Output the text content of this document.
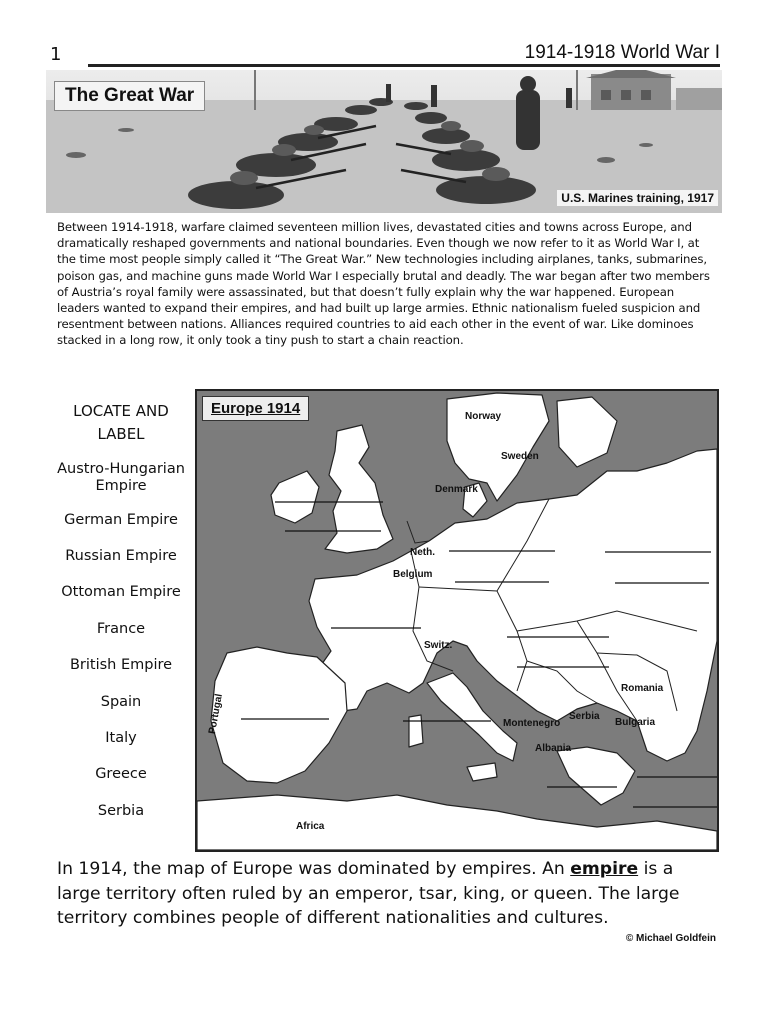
1	1914-1918 World War I
The Great War
U.S. Marines training, 1917
Between 1914-1918, warfare claimed seventeen million lives, devastated cities and towns across Europe, and dramatically reshaped governments and national boundaries. Even though we now refer to it as World War I, at the time most people simply called it “The Great War.” New technologies including airplanes, tanks, submarines, poison gas, and machine guns made World War I especially brutal and deadly. The war began after two members of Austria’s royal family were assassinated, but that doesn’t fully explain why the war happened. European leaders wanted to expand their empires, and had built up large armies. Ethnic nationalism fueled suspicion and resentment between nations. Alliances required countries to aid each other in the event of war. Like dominoes stacked in a long row, it only took a tiny push to start a chain reaction.
LOCATE AND
LABEL
Austro-Hungarian Empire
German Empire
Russian Empire
Ottoman Empire
France
British Empire
Spain
Italy
Greece
Serbia
Europe 1914	Norway
Sweden
Denmark
Neth.
Belgium
Switz.
Portugal
Romania
Serbia
Bulgaria
Montenegro
Albania
Africa
In 1914, the map of Europe was dominated by empires. An empire is a large territory often ruled by an emperor, tsar, king, or queen. The large territory combines people of different nationalities and cultures.
© Michael Goldfein
